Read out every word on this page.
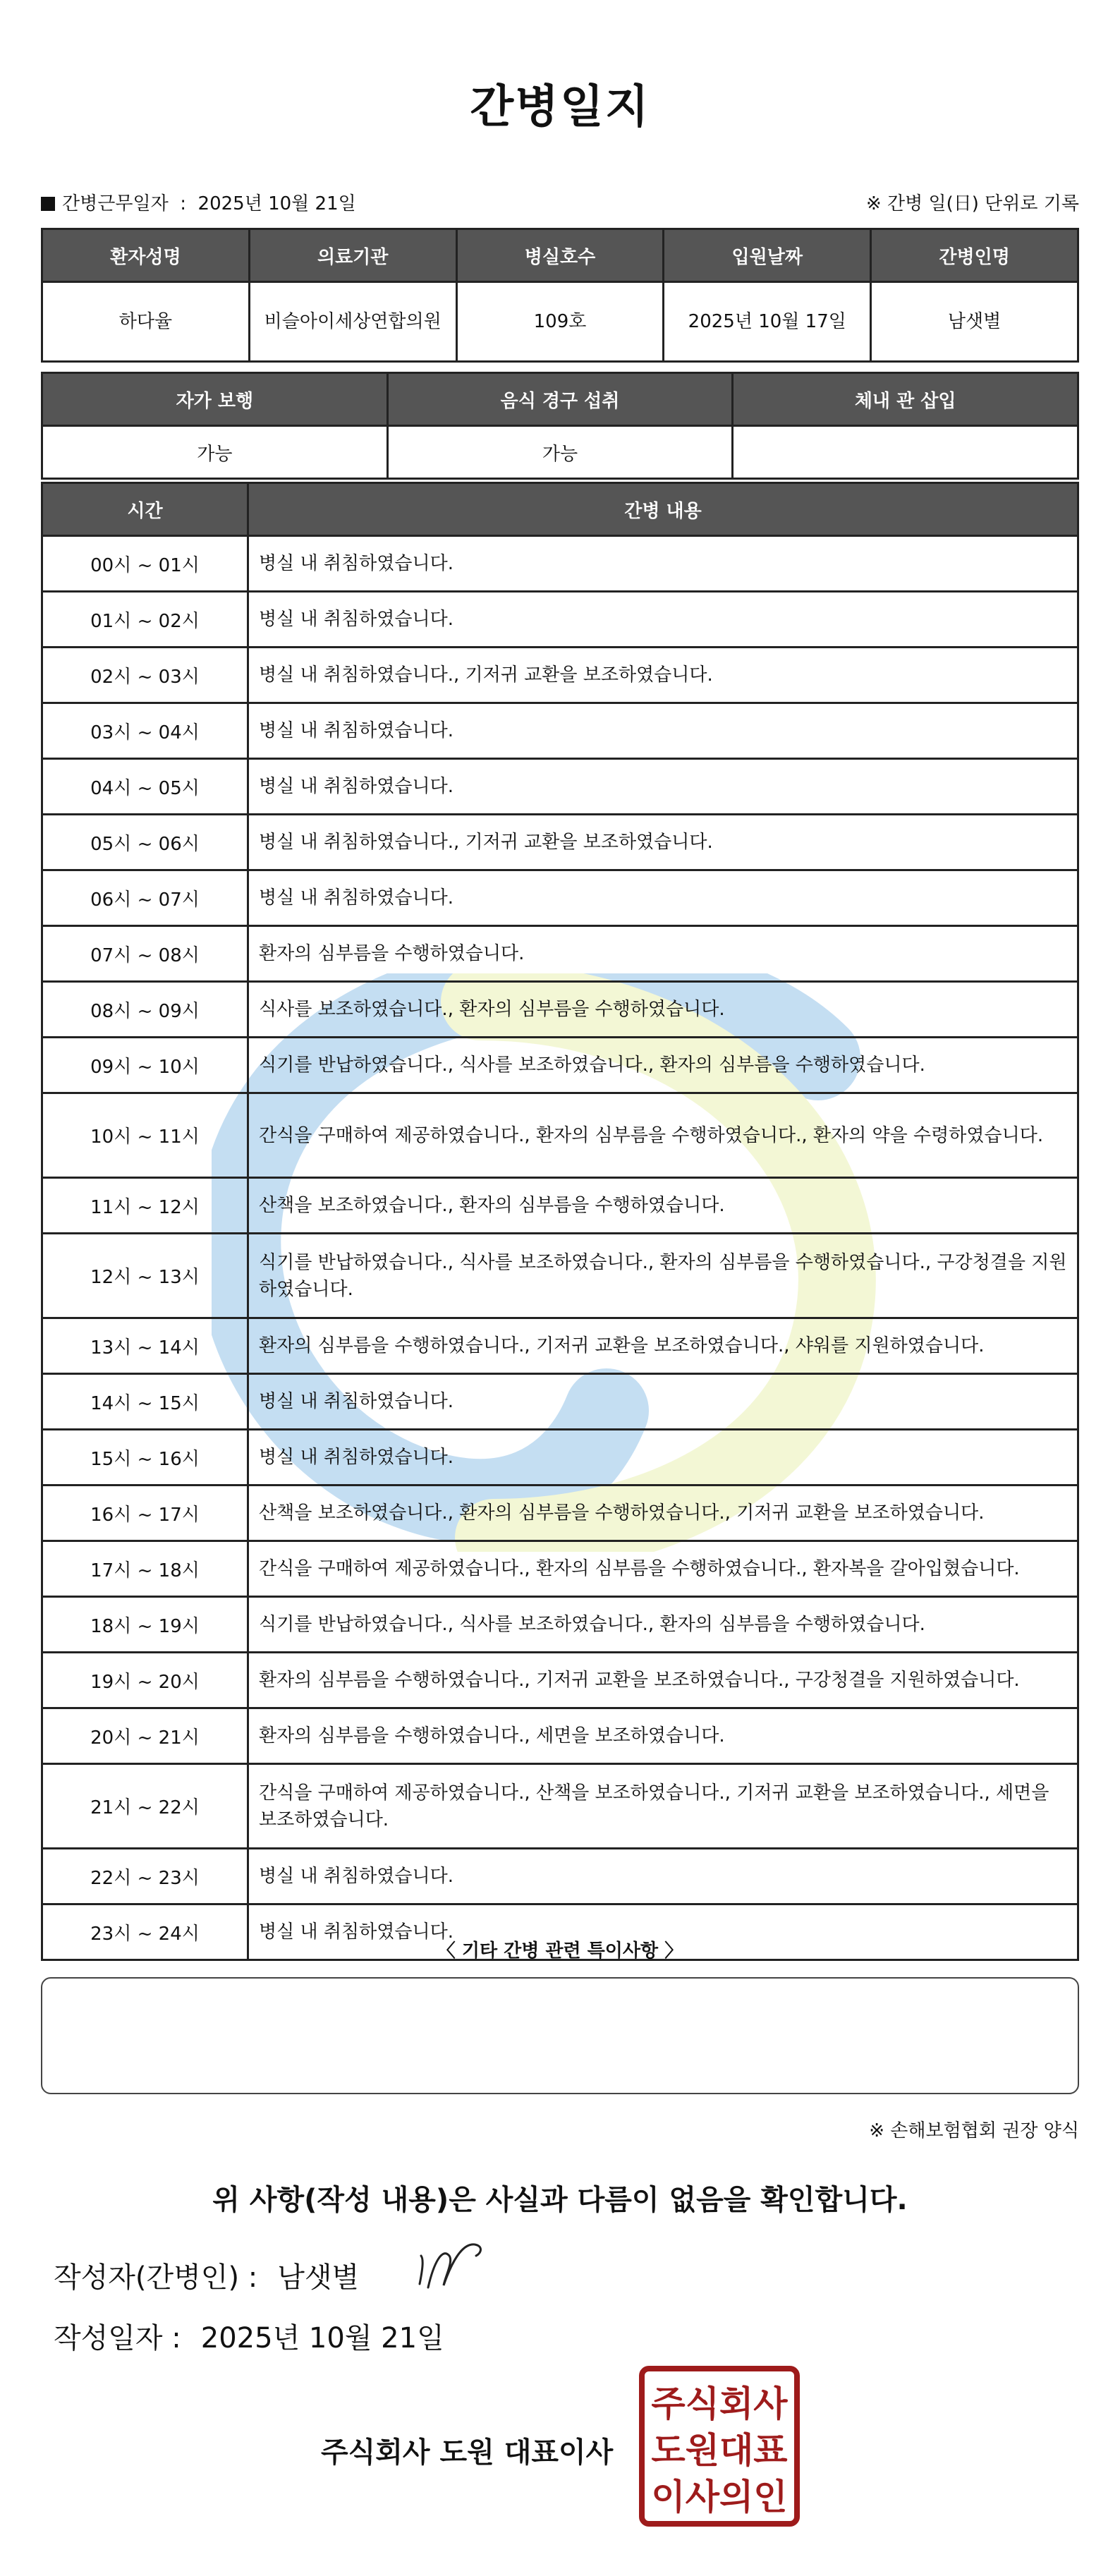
간병일지
간병근무일자  :  2025년 10월 21일	※ 간병 일(日) 단위로 기록
환자성명	의료기관	병실호수	입원날짜	간병인명
하다율	비슬아이세상연합의원	109호	2025년 10월 17일	남샛별
자가 보행	음식 경구 섭취	체내 관 삽입
가능	가능	
시간	간병 내용
00시 ~ 01시	병실 내 취침하였습니다.
01시 ~ 02시	병실 내 취침하였습니다.
02시 ~ 03시	병실 내 취침하였습니다., 기저귀 교환을 보조하였습니다.
03시 ~ 04시	병실 내 취침하였습니다.
04시 ~ 05시	병실 내 취침하였습니다.
05시 ~ 06시	병실 내 취침하였습니다., 기저귀 교환을 보조하였습니다.
06시 ~ 07시	병실 내 취침하였습니다.
07시 ~ 08시	환자의 심부름을 수행하였습니다.
08시 ~ 09시	식사를 보조하였습니다., 환자의 심부름을 수행하였습니다.
09시 ~ 10시	식기를 반납하였습니다., 식사를 보조하였습니다., 환자의 심부름을 수행하였습니다.
10시 ~ 11시	간식을 구매하여 제공하였습니다., 환자의 심부름을 수행하였습니다., 환자의 약을 수령하였습니다.
11시 ~ 12시	산책을 보조하였습니다., 환자의 심부름을 수행하였습니다.
12시 ~ 13시	식기를 반납하였습니다., 식사를 보조하였습니다., 환자의 심부름을 수행하였습니다., 구강청결을 지원하였습니다.
13시 ~ 14시	환자의 심부름을 수행하였습니다., 기저귀 교환을 보조하였습니다., 샤워를 지원하였습니다.
14시 ~ 15시	병실 내 취침하였습니다.
15시 ~ 16시	병실 내 취침하였습니다.
16시 ~ 17시	산책을 보조하였습니다., 환자의 심부름을 수행하였습니다., 기저귀 교환을 보조하였습니다.
17시 ~ 18시	간식을 구매하여 제공하였습니다., 환자의 심부름을 수행하였습니다., 환자복을 갈아입혔습니다.
18시 ~ 19시	식기를 반납하였습니다., 식사를 보조하였습니다., 환자의 심부름을 수행하였습니다.
19시 ~ 20시	환자의 심부름을 수행하였습니다., 기저귀 교환을 보조하였습니다., 구강청결을 지원하였습니다.
20시 ~ 21시	환자의 심부름을 수행하였습니다., 세면을 보조하였습니다.
21시 ~ 22시	간식을 구매하여 제공하였습니다., 산책을 보조하였습니다., 기저귀 교환을 보조하였습니다., 세면을 보조하였습니다.
22시 ~ 23시	병실 내 취침하였습니다.
23시 ~ 24시	병실 내 취침하였습니다.
〈 기타 간병 관련 특이사항 〉
※ 손해보험협회 권장 양식
위 사항(작성 내용)은 사실과 다름이 없음을 확인합니다.
작성자(간병인) : 남샛별
작성일자 : 2025년 10월 21일
주식회사 도원 대표이사
주식회사
도원대표
이사의인
